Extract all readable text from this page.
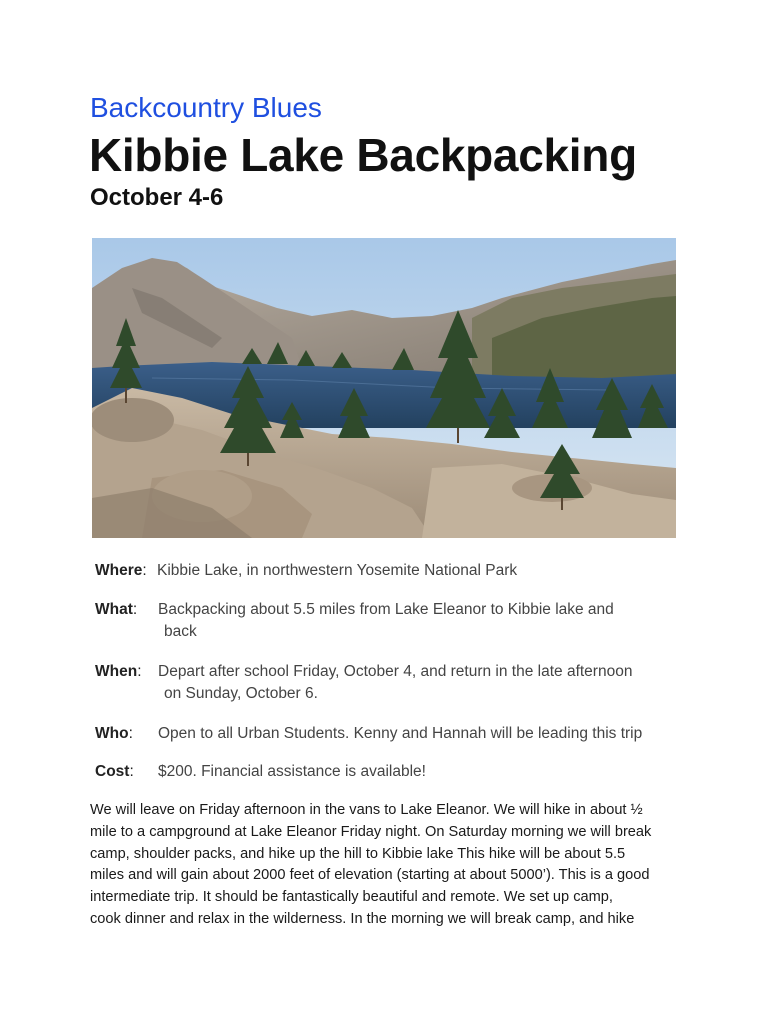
Backcountry Blues
Kibbie Lake Backpacking
October 4-6
Where: Kibbie Lake, in northwestern Yosemite National Park
What: Backpacking about 5.5 miles from Lake Eleanor to Kibbie lake and
back
When: Depart after school Friday, October 4, and return in the late afternoon
on Sunday, October 6.
Who: Open to all Urban Students. Kenny and Hannah will be leading this trip
Cost: $200. Financial assistance is available!
We will leave on Friday afternoon in the vans to Lake Eleanor. We will hike in about ½
mile to a campground at Lake Eleanor Friday night. On Saturday morning we will break
camp, shoulder packs, and hike up the hill to Kibbie lake This hike will be about 5.5
miles and will gain about 2000 feet of elevation (starting at about 5000’). This is a good
intermediate trip. It should be fantastically beautiful and remote. We set up camp,
cook dinner and relax in the wilderness. In the morning we will break camp, and hike
